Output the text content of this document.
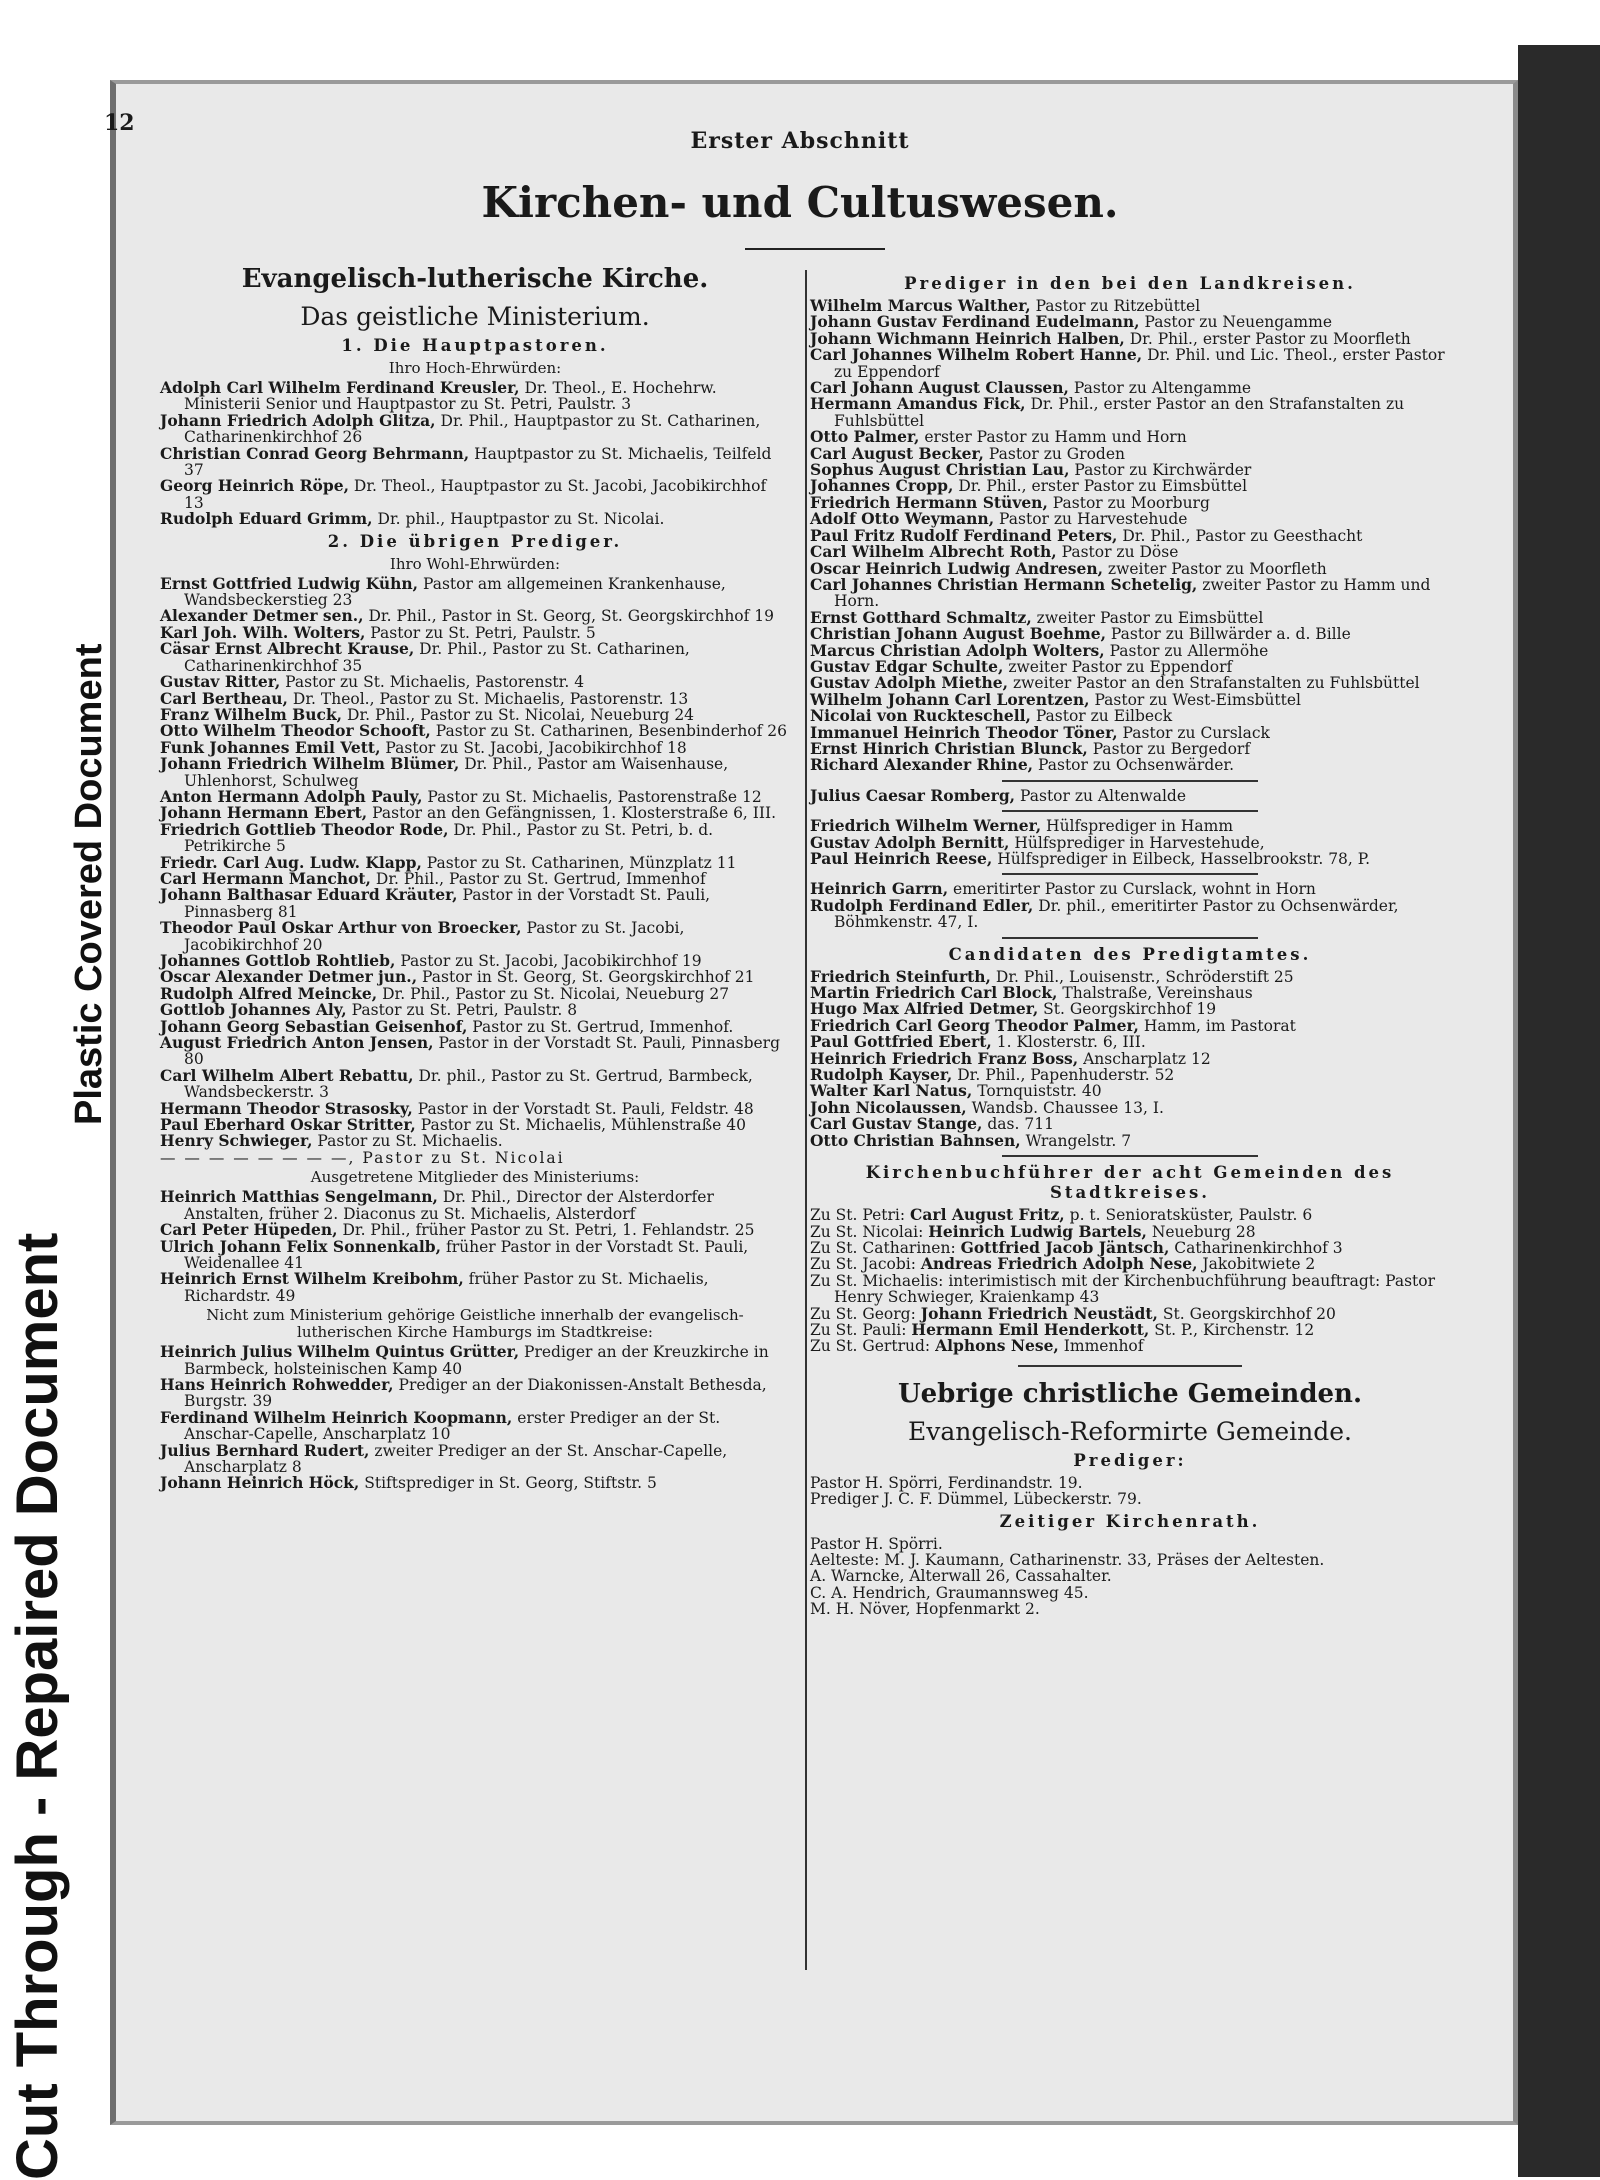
Cut Through - Repaired Document
Plastic Covered Document
12
Erster Abschnitt
Kirchen- und Cultuswesen.
Evangelisch-lutherische Kirche.
Das geistliche Ministerium.
1. Die Hauptpastoren.
Ihro Hoch-Ehrwürden:

Adolph Carl Wilhelm Ferdinand Kreusler, Dr. Theol., E. Hochehrw. Ministerii Senior und Hauptpastor zu St. Petri, Paulstr. 3

Johann Friedrich Adolph Glitza, Dr. Phil., Hauptpastor zu St. Catharinen, Catharinenkirchhof 26

Christian Conrad Georg Behrmann, Hauptpastor zu St. Michaelis, Teilfeld 37

Georg Heinrich Röpe, Dr. Theol., Hauptpastor zu St. Jacobi, Jacobikirchhof 13

Rudolph Eduard Grimm, Dr. phil., Hauptpastor zu St. Nicolai.

2. Die übrigen Prediger.
Ihro Wohl-Ehrwürden:

Ernst Gottfried Ludwig Kühn, Pastor am allgemeinen Krankenhause, Wandsbeckerstieg 23

Alexander Detmer sen., Dr. Phil., Pastor in St. Georg, St. Georgskirchhof 19

Karl Joh. Wilh. Wolters, Pastor zu St. Petri, Paulstr. 5

Cäsar Ernst Albrecht Krause, Dr. Phil., Pastor zu St. Catharinen, Catharinenkirchhof 35

Gustav Ritter, Pastor zu St. Michaelis, Pastorenstr. 4

Carl Bertheau, Dr. Theol., Pastor zu St. Michaelis, Pastorenstr. 13

Franz Wilhelm Buck, Dr. Phil., Pastor zu St. Nicolai, Neueburg 24

Otto Wilhelm Theodor Schooft, Pastor zu St. Catharinen, Besenbinderhof 26

Funk Johannes Emil Vett, Pastor zu St. Jacobi, Jacobikirchhof 18

Johann Friedrich Wilhelm Blümer, Dr. Phil., Pastor am Waisenhause, Uhlenhorst, Schulweg

Anton Hermann Adolph Pauly, Pastor zu St. Michaelis, Pastorenstraße 12

Johann Hermann Ebert, Pastor an den Gefängnissen, 1. Klosterstraße 6, III.

Friedrich Gottlieb Theodor Rode, Dr. Phil., Pastor zu St. Petri, b. d. Petrikirche 5

Friedr. Carl Aug. Ludw. Klapp, Pastor zu St. Catharinen, Münzplatz 11

Carl Hermann Manchot, Dr. Phil., Pastor zu St. Gertrud, Immenhof

Johann Balthasar Eduard Kräuter, Pastor in der Vorstadt St. Pauli, Pinnasberg 81

Theodor Paul Oskar Arthur von Broecker, Pastor zu St. Jacobi, Jacobikirchhof 20

Johannes Gottlob Rohtlieb, Pastor zu St. Jacobi, Jacobikirchhof 19

Oscar Alexander Detmer jun., Pastor in St. Georg, St. Georgskirchhof 21

Rudolph Alfred Meincke, Dr. Phil., Pastor zu St. Nicolai, Neueburg 27

Gottlob Johannes Aly, Pastor zu St. Petri, Paulstr. 8

Johann Georg Sebastian Geisenhof, Pastor zu St. Gertrud, Immenhof.

August Friedrich Anton Jensen, Pastor in der Vorstadt St. Pauli, Pinnasberg 80

Carl Wilhelm Albert Rebattu, Dr. phil., Pastor zu St. Gertrud, Barmbeck, Wandsbeckerstr. 3

Hermann Theodor Strasosky, Pastor in der Vorstadt St. Pauli, Feldstr. 48

Paul Eberhard Oskar Stritter, Pastor zu St. Michaelis, Mühlenstraße 40

Henry Schwieger, Pastor zu St. Michaelis.

— — — — — — — —, Pastor zu St. Nicolai

Ausgetretene Mitglieder des Ministeriums:

Heinrich Matthias Sengelmann, Dr. Phil., Director der Alsterdorfer Anstalten, früher 2. Diaconus zu St. Michaelis, Alsterdorf

Carl Peter Hüpeden, Dr. Phil., früher Pastor zu St. Petri, 1. Fehlandstr. 25

Ulrich Johann Felix Sonnenkalb, früher Pastor in der Vorstadt St. Pauli, Weidenallee 41

Heinrich Ernst Wilhelm Kreibohm, früher Pastor zu St. Michaelis, Richardstr. 49

Nicht zum Ministerium gehörige Geistliche innerhalb der evangelisch-lutherischen Kirche Hamburgs im Stadtkreise:

Heinrich Julius Wilhelm Quintus Grütter, Prediger an der Kreuzkirche in Barmbeck, holsteinischen Kamp 40

Hans Heinrich Rohwedder, Prediger an der Diakonissen-Anstalt Bethesda, Burgstr. 39

Ferdinand Wilhelm Heinrich Koopmann, erster Prediger an der St. Anschar-Capelle, Anscharplatz 10

Julius Bernhard Rudert, zweiter Prediger an der St. Anschar-Capelle, Anscharplatz 8

Johann Heinrich Höck, Stiftsprediger in St. Georg, Stiftstr. 5

Prediger in den bei den Landkreisen.

Wilhelm Marcus Walther, Pastor zu Ritzebüttel

Johann Gustav Ferdinand Eudelmann, Pastor zu Neuengamme

Johann Wichmann Heinrich Halben, Dr. Phil., erster Pastor zu Moorfleth

Carl Johannes Wilhelm Robert Hanne, Dr. Phil. und Lic. Theol., erster Pastor zu Eppendorf

Carl Johann August Claussen, Pastor zu Altengamme

Hermann Amandus Fick, Dr. Phil., erster Pastor an den Strafanstalten zu Fuhlsbüttel

Otto Palmer, erster Pastor zu Hamm und Horn

Carl August Becker, Pastor zu Groden

Sophus August Christian Lau, Pastor zu Kirchwärder

Johannes Cropp, Dr. Phil., erster Pastor zu Eimsbüttel

Friedrich Hermann Stüven, Pastor zu Moorburg

Adolf Otto Weymann, Pastor zu Harvestehude

Paul Fritz Rudolf Ferdinand Peters, Dr. Phil., Pastor zu Geesthacht

Carl Wilhelm Albrecht Roth, Pastor zu Döse

Oscar Heinrich Ludwig Andresen, zweiter Pastor zu Moorfleth

Carl Johannes Christian Hermann Schetelig, zweiter Pastor zu Hamm und Horn.

Ernst Gotthard Schmaltz, zweiter Pastor zu Eimsbüttel

Christian Johann August Boehme, Pastor zu Billwärder a. d. Bille

Marcus Christian Adolph Wolters, Pastor zu Allermöhe

Gustav Edgar Schulte, zweiter Pastor zu Eppendorf

Gustav Adolph Miethe, zweiter Pastor an den Strafanstalten zu Fuhlsbüttel

Wilhelm Johann Carl Lorentzen, Pastor zu West-Eimsbüttel

Nicolai von Ruckteschell, Pastor zu Eilbeck

Immanuel Heinrich Theodor Töner, Pastor zu Curslack

Ernst Hinrich Christian Blunck, Pastor zu Bergedorf

Richard Alexander Rhine, Pastor zu Ochsenwärder.

Julius Caesar Romberg, Pastor zu Altenwalde

Friedrich Wilhelm Werner, Hülfsprediger in Hamm

Gustav Adolph Bernitt, Hülfsprediger in Harvestehude,

Paul Heinrich Reese, Hülfsprediger in Eilbeck, Hasselbrookstr. 78, P.

Heinrich Garrn, emeritirter Pastor zu Curslack, wohnt in Horn

Rudolph Ferdinand Edler, Dr. phil., emeritirter Pastor zu Ochsenwärder, Böhmkenstr. 47, I.

Candidaten des Predigtamtes.

Friedrich Steinfurth, Dr. Phil., Louisenstr., Schröderstift 25

Martin Friedrich Carl Block, Thalstraße, Vereinshaus

Hugo Max Alfried Detmer, St. Georgskirchhof 19

Friedrich Carl Georg Theodor Palmer, Hamm, im Pastorat

Paul Gottfried Ebert, 1. Klosterstr. 6, III.

Heinrich Friedrich Franz Boss, Anscharplatz 12

Rudolph Kayser, Dr. Phil., Papenhuderstr. 52

Walter Karl Natus, Tornquiststr. 40

John Nicolaussen, Wandsb. Chaussee 13, I.

Carl Gustav Stange, das. 711

Otto Christian Bahnsen, Wrangelstr. 7

Kirchenbuchführer der acht Gemeinden des Stadtkreises.

Zu St. Petri: Carl August Fritz, p. t. Senioratsküster, Paulstr. 6

Zu St. Nicolai: Heinrich Ludwig Bartels, Neueburg 28

Zu St. Catharinen: Gottfried Jacob Jäntsch, Catharinenkirchhof 3

Zu St. Jacobi: Andreas Friedrich Adolph Nese, Jakobitwiete 2

Zu St. Michaelis: interimistisch mit der Kirchenbuchführung beauftragt: Pastor Henry Schwieger, Kraienkamp 43

Zu St. Georg: Johann Friedrich Neustädt, St. Georgskirchhof 20

Zu St. Pauli: Hermann Emil Henderkott, St. P., Kirchenstr. 12

Zu St. Gertrud: Alphons Nese, Immenhof

Uebrige christliche Gemeinden.
Evangelisch-Reformirte Gemeinde.
Prediger:

Pastor H. Spörri, Ferdinandstr. 19.

Prediger J. C. F. Dümmel, Lübeckerstr. 79.

Zeitiger Kirchenrath.

Pastor H. Spörri.

Aelteste: M. J. Kaumann, Catharinenstr. 33, Präses der Aeltesten.

A. Warncke, Alterwall 26, Cassahalter.

C. A. Hendrich, Graumannsweg 45.

M. H. Növer, Hopfenmarkt 2.
